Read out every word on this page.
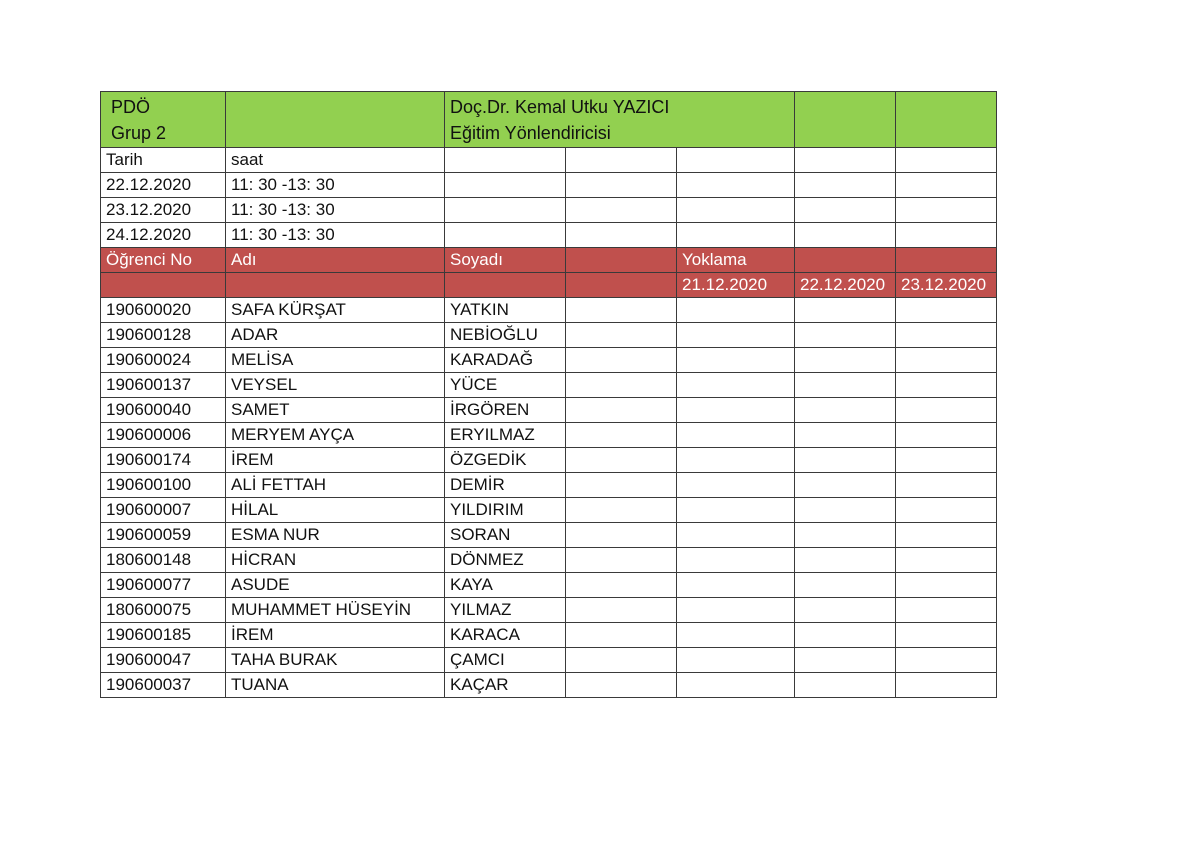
PDÖ
Grup 2		Doç.Dr. Kemal Utku YAZICI
Eğitim Yönlendiricisi				

Tarih	saat					
22.12.2020	11: 30 -13: 30					
23.12.2020	11: 30 -13: 30					
24.12.2020	11: 30 -13: 30					
Öğrenci No	Adı	Soyadı		Yoklama		
				21.12.2020	22.12.2020	23.12.2020
190600020	SAFA KÜRŞAT	YATKIN				
190600128	ADAR	NEBİOĞLU				
190600024	MELİSA	KARADAĞ				
190600137	VEYSEL	YÜCE				
190600040	SAMET	İRGÖREN				
190600006	MERYEM AYÇA	ERYILMAZ				
190600174	İREM	ÖZGEDİK				
190600100	ALİ FETTAH	DEMİR				
190600007	HİLAL	YILDIRIM				
190600059	ESMA NUR	SORAN				
180600148	HİCRAN	DÖNMEZ				
190600077	ASUDE	KAYA				
180600075	MUHAMMET HÜSEYİN	YILMAZ				
190600185	İREM	KARACA				
190600047	TAHA BURAK	ÇAMCI				
190600037	TUANA	KAÇAR				
